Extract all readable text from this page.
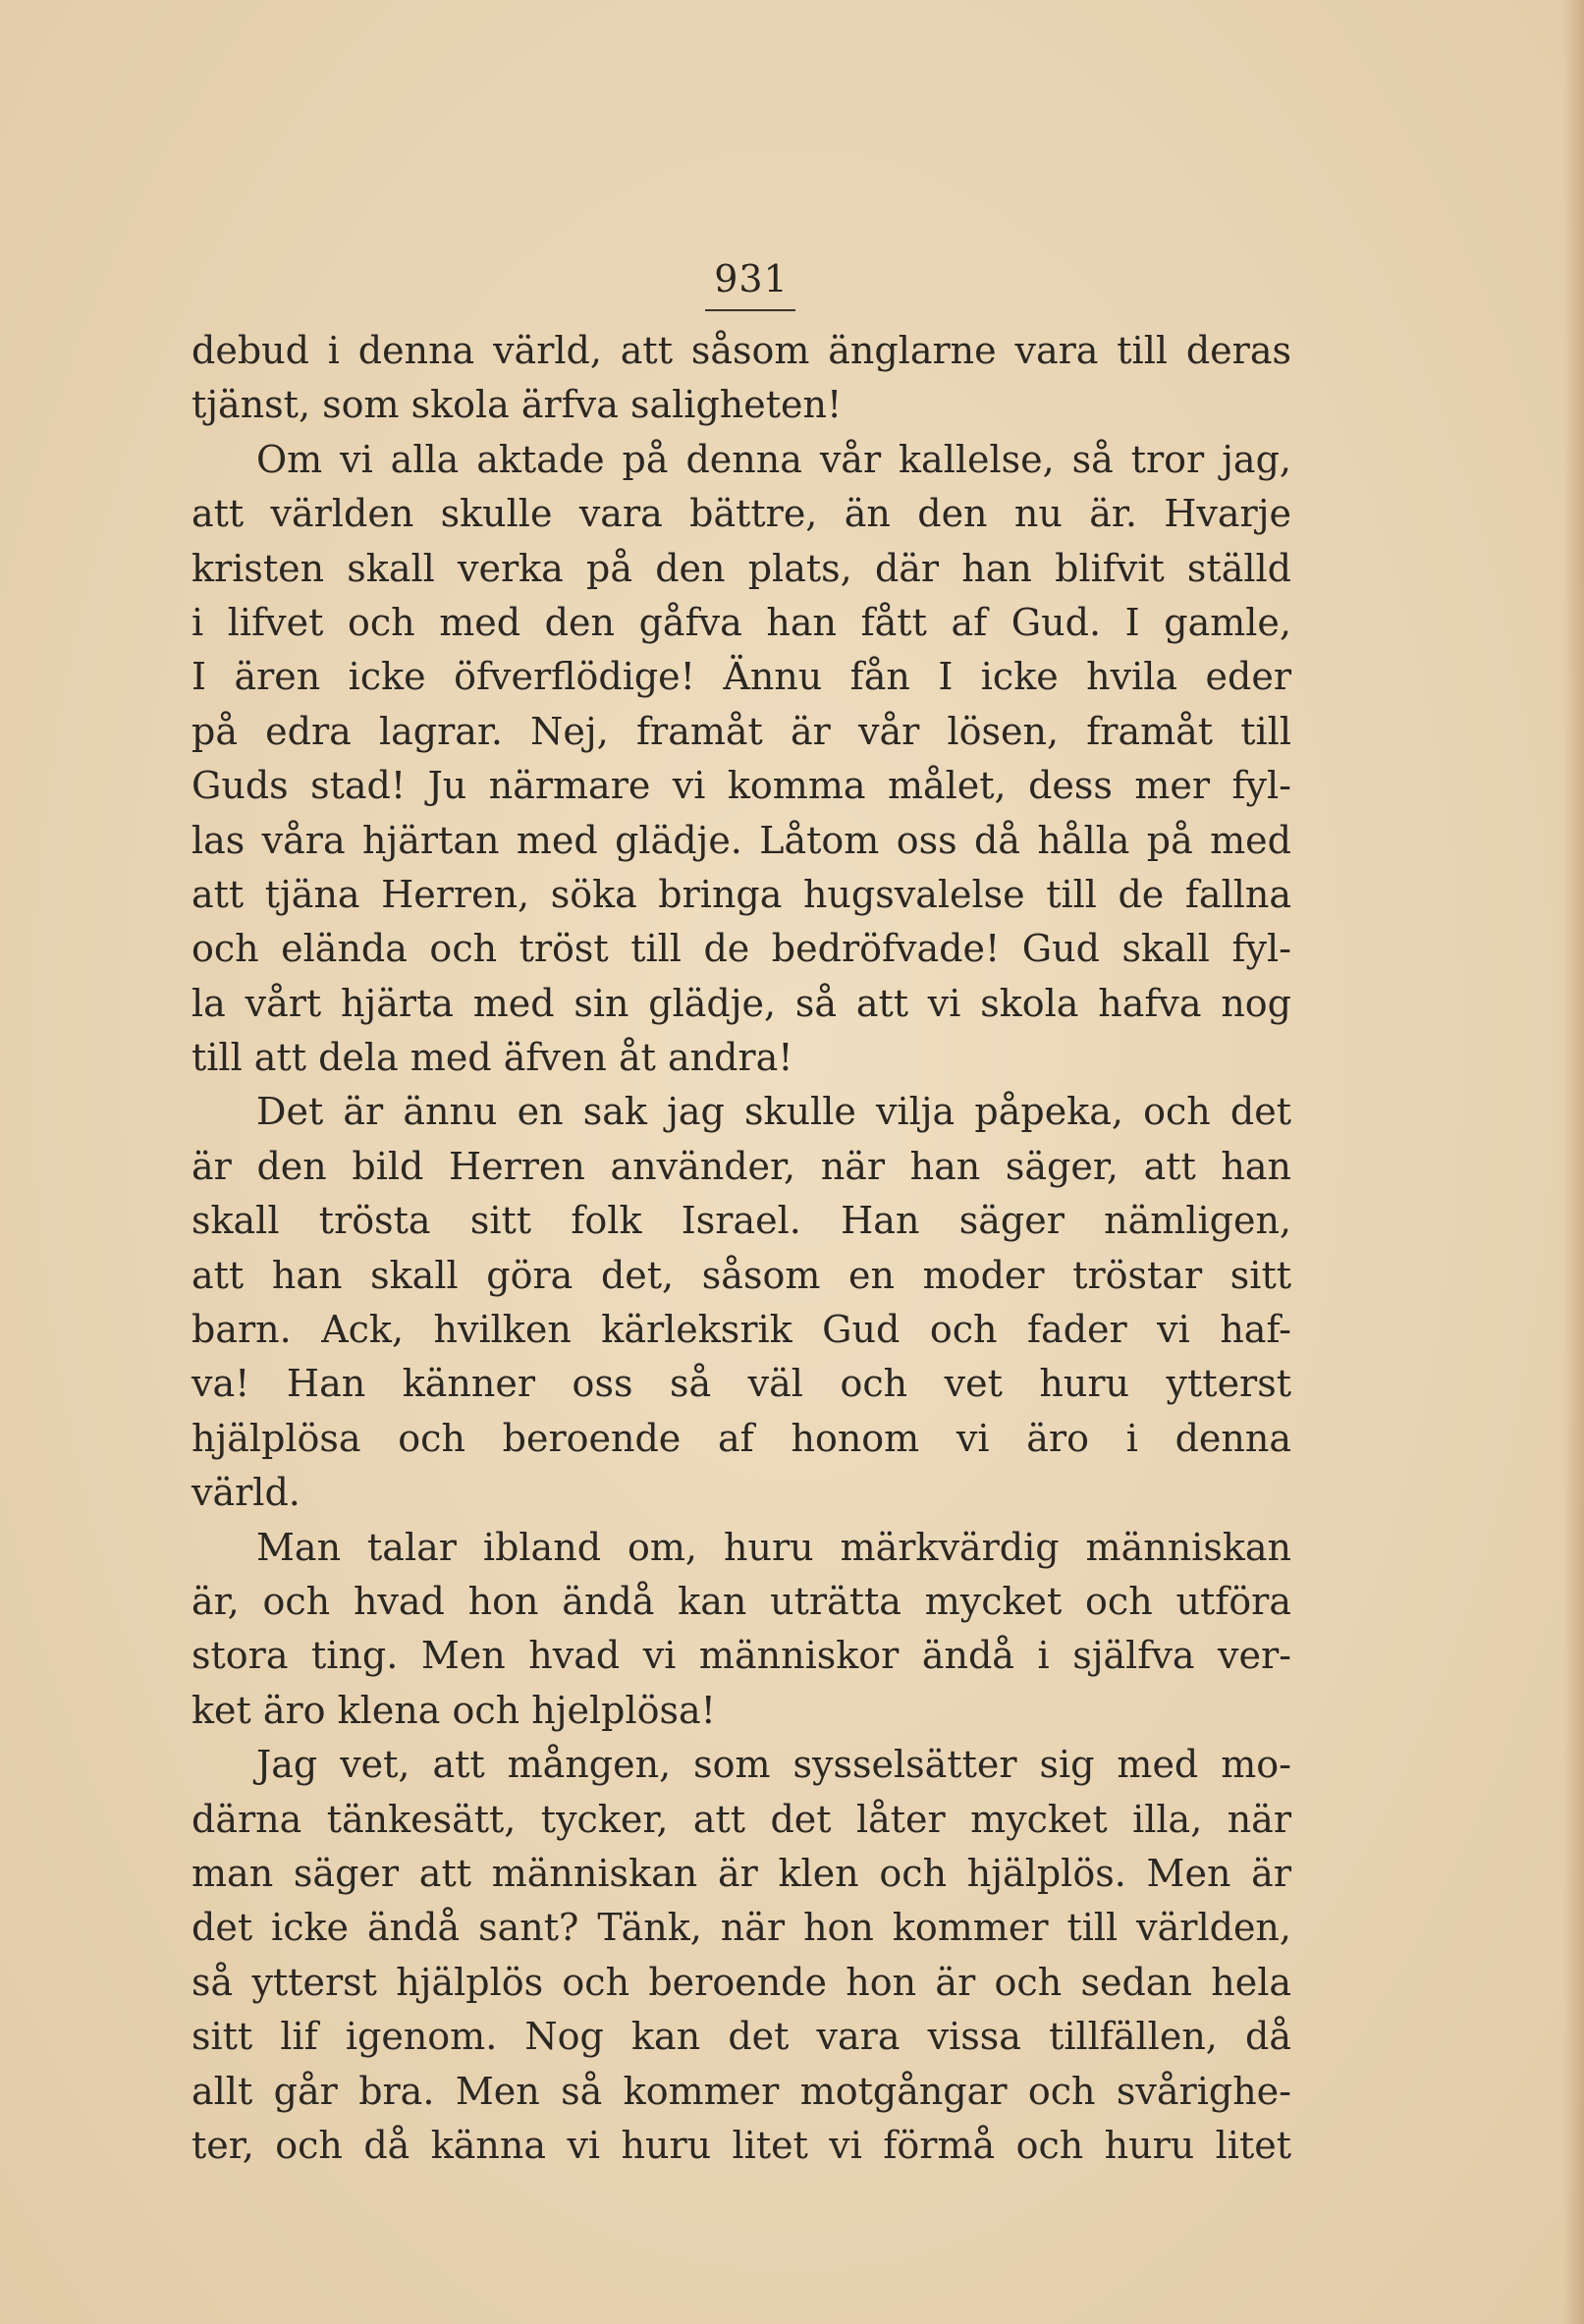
931
debud i denna värld, att såsom änglarne vara till deras
tjänst, som skola ärfva saligheten!
Om vi alla aktade på denna vår kallelse, så tror jag,
att världen skulle vara bättre, än den nu är. Hvarje
kristen skall verka på den plats, där han blifvit ställd
i lifvet och med den gåfva han fått af Gud. I gamle,
I ären icke öfverflödige! Ännu fån I icke hvila eder
på edra lagrar. Nej, framåt är vår lösen, framåt till
Guds stad! Ju närmare vi komma målet, dess mer fyl-
las våra hjärtan med glädje. Låtom oss då hålla på med
att tjäna Herren, söka bringa hugsvalelse till de fallna
och elända och tröst till de bedröfvade! Gud skall fyl-
la vårt hjärta med sin glädje, så att vi skola hafva nog
till att dela med äfven åt andra!
Det är ännu en sak jag skulle vilja påpeka, och det
är den bild Herren använder, när han säger, att han
skall trösta sitt folk Israel. Han säger nämligen,
att han skall göra det, såsom en moder tröstar sitt
barn. Ack, hvilken kärleksrik Gud och fader vi haf-
va! Han känner oss så väl och vet huru ytterst
hjälplösa och beroende af honom vi äro i denna
värld.
Man talar ibland om, huru märkvärdig människan
är, och hvad hon ändå kan uträtta mycket och utföra
stora ting. Men hvad vi människor ändå i själfva ver-
ket äro klena och hjelplösa!
Jag vet, att mången, som sysselsätter sig med mo-
därna tänkesätt, tycker, att det låter mycket illa, när
man säger att människan är klen och hjälplös. Men är
det icke ändå sant? Tänk, när hon kommer till världen,
så ytterst hjälplös och beroende hon är och sedan hela
sitt lif igenom. Nog kan det vara vissa tillfällen, då
allt går bra. Men så kommer motgångar och svårighe-
ter, och då känna vi huru litet vi förmå och huru litet
